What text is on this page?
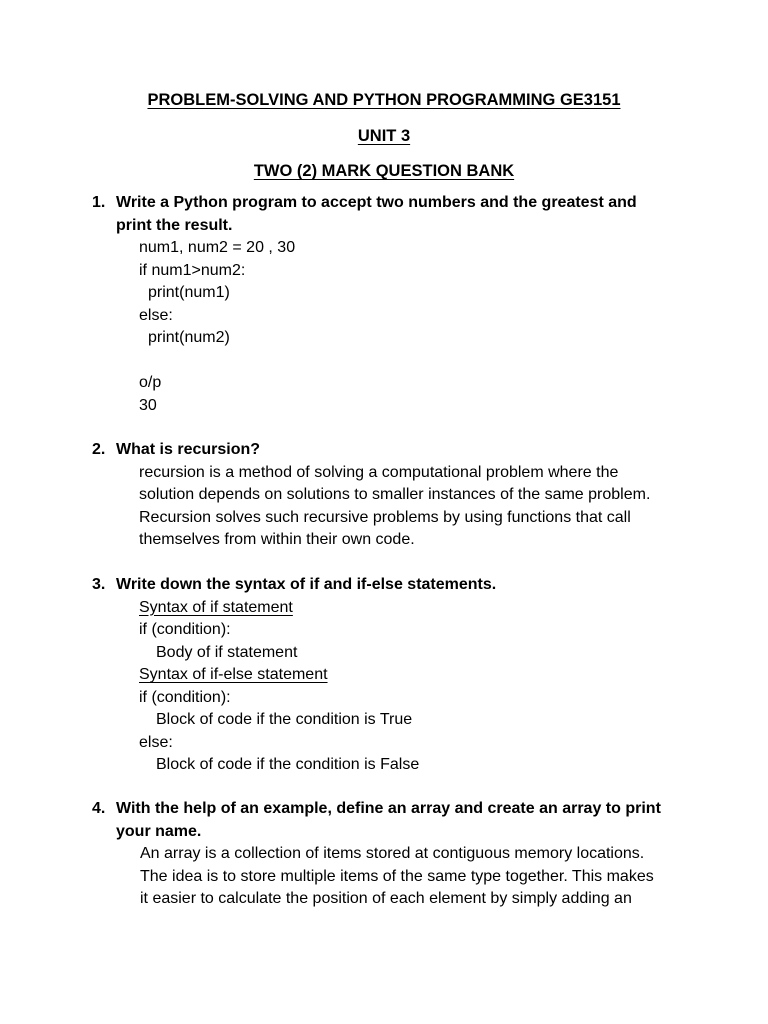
PROBLEM-SOLVING AND PYTHON PROGRAMMING GE3151
UNIT 3
TWO (2) MARK QUESTION BANK
1. Write a Python program to accept two numbers and the greatest and
print the result.
num1, num2 = 20 , 30
if num1>num2:
print(num1)
else:
print(num2)
o/p
30
2. What is recursion?
recursion is a method of solving a computational problem where the
solution depends on solutions to smaller instances of the same problem.
Recursion solves such recursive problems by using functions that call
themselves from within their own code.
3. Write down the syntax of if and if-else statements.
Syntax of if statement
if (condition):
Body of if statement
Syntax of if-else statement
if (condition):
Block of code if the condition is True
else:
Block of code if the condition is False
4. With the help of an example, define an array and create an array to print
your name.
An array is a collection of items stored at contiguous memory locations.
The idea is to store multiple items of the same type together. This makes
it easier to calculate the position of each element by simply adding an
